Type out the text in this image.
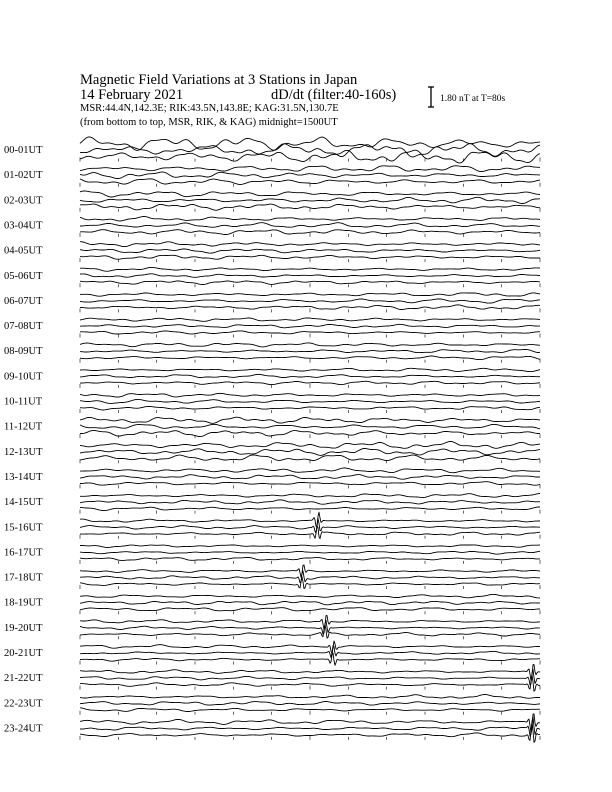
Magnetic Field Variations at 3 Stations in Japan
14 February 2021	dD/dt (filter:40-160s)
MSR:44.4N,142.3E; RIK:43.5N,143.8E; KAG:31.5N,130.7E
(from bottom to top, MSR, RIK, & KAG) midnight=1500UT
1.80 nT at T=80s
00-01UT
01-02UT
02-03UT
03-04UT
04-05UT
05-06UT
06-07UT
07-08UT
08-09UT
09-10UT
10-11UT
11-12UT
12-13UT
13-14UT
14-15UT
15-16UT
16-17UT
17-18UT
18-19UT
19-20UT
20-21UT
21-22UT
22-23UT
23-24UT
